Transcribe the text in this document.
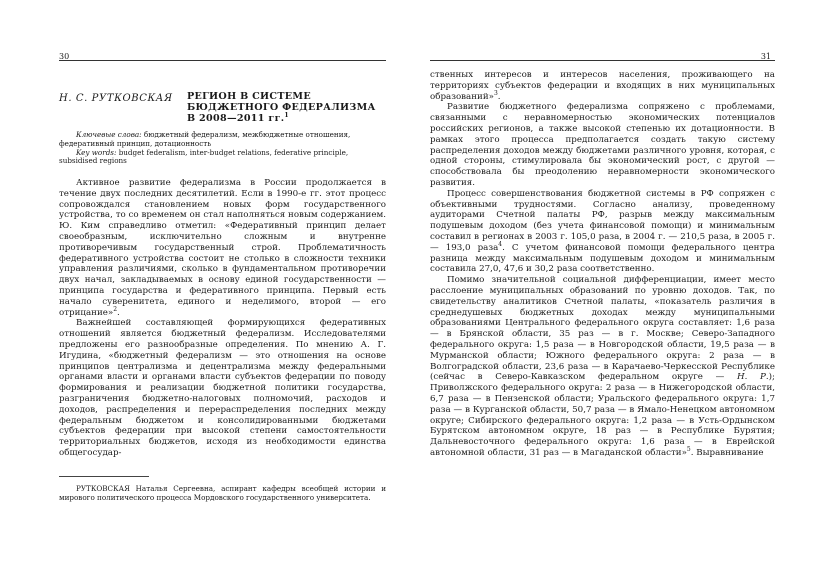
30
Н. С. РУТКОВСКАЯ	РЕГИОН В СИСТЕМЕ
БЮДЖЕТНОГО ФЕДЕРАЛИЗМА
В 2008—2011 гг.$^1$

Ключевые слова: бюджетный федерализм, межбюджетные отношения, федеративный принцип, дотационность

Key words: budget federalism, inter-budget relations, federative principle, subsidised regions

Активное развитие федерализма в России продолжается в течение двух последних десятилетий. Если в 1990-е гг. этот процесс сопровождался становлением новых форм государственного устройства, то со временем он стал наполняться новым содержанием. Ю. Ким справедливо отметил: «Федеративный принцип делает своеобразным, исключительно сложным и внутренне противоречивым государственный строй. Проблематичность федеративного устройства состоит не столько в сложности техники управления различиями, сколько в фундаментальном противоречии двух начал, закладываемых в основу единой государственности — принципа государства и федеративного принципа. Первый есть начало суверенитета, единого и неделимого, второй — его отрицание»$^2$.

Важнейшей составляющей формирующихся федеративных отношений является бюджетный федерализм. Исследователями предложены его разнообразные определения. По мнению А. Г. Игудина, «бюджетный федерализм — это отношения на основе принципов централизма и децентрализма между федеральными органами власти и органами власти субъектов федерации по поводу формирования и реализации бюджетной политики государства, разграничения бюджетно-налоговых полномочий, расходов и доходов, распределения и перераспределения последних между федеральным бюджетом и консолидированными бюджетами субъектов федерации при высокой степени самостоятельности территориальных бюджетов, исходя из необходимости единства общегосудар-

РУТКОВСКАЯ Наталья Сергеевна, аспирант кафедры всеобщей истории и мирового политического процесса Мордовского государственного университета.

31

ственных интересов и интересов населения, проживающего на территориях субъектов федерации и входящих в них муниципальных образований»$^3$.

Развитие бюджетного федерализма сопряжено с проблемами, связанными с неравномерностью экономических потенциалов российских регионов, а также высокой степенью их дотационности. В рамках этого процесса предполагается создать такую систему распределения доходов между бюджетами различного уровня, которая, с одной стороны, стимулировала бы экономический рост, с другой — способствовала бы преодолению неравномерности экономического развития.

Процесс совершенствования бюджетной системы в РФ сопряжен с объективными трудностями. Согласно анализу, проведенному аудиторами Счетной палаты РФ, разрыв между максимальным подушевым доходом (без учета финансовой помощи) и минимальным составил в регионах в 2003 г. 105,0 раза, в 2004 г. — 210,5 раза, в 2005 г. — 193,0 раза$^4$. С учетом финансовой помощи федерального центра разница между максимальным подушевым доходом и минимальным составила 27,0, 47,6 и 30,2 раза соответственно.

Помимо значительной социальной дифференциации, имеет место расслоение муниципальных образований по уровню доходов. Так, по свидетельству аналитиков Счетной палаты, «показатель различия в среднедушевых бюджетных доходах между муниципальными образованиями Центрального федерального округа составляет: 1,6 раза — в Брянской области, 35 раз — в г. Москве; Северо-Западного федерального округа: 1,5 раза — в Новгородской области, 19,5 раза — в Мурманской области; Южного федерального округа: 2 раза — в Волгоградской области, 23,6 раза — в Карачаево-Черкесской Республике (сейчас в Северо-Кавказском федеральном округе — Н. Р.); Приволжского федерального округа: 2 раза — в Нижегородской области, 6,7 раза — в Пензенской области; Уральского федерального округа: 1,7 раза — в Курганской области, 50,7 раза — в Ямало-Ненецком автономном округе; Сибирского федерального округа: 1,2 раза — в Усть-Ордынском Бурятском автономном округе, 18 раз — в Республике Бурятия; Дальневосточного федерального округа: 1,6 раза — в Еврейской автономной области, 31 раз — в Магаданской области»$^5$. Выравнивание
